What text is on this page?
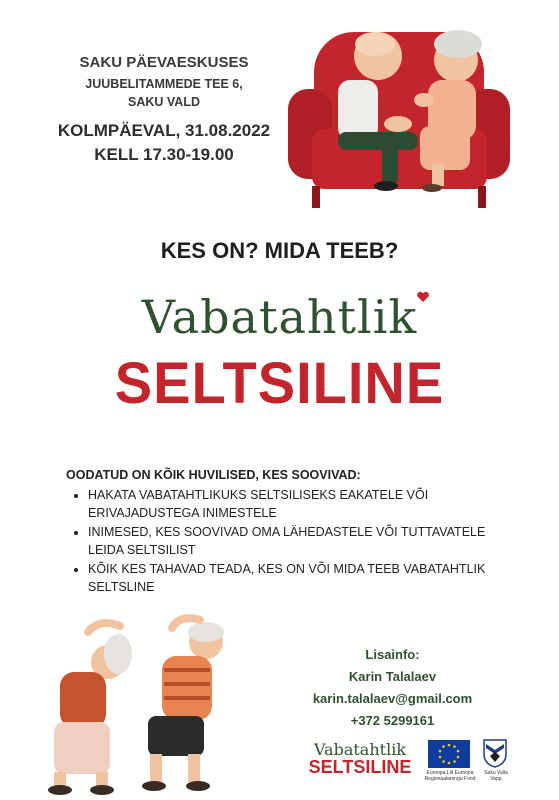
SAKU PÄEVAESKUSES
JUUBELITAMMEDE TEE 6,
SAKU VALD
KOLMPÄEVAL, 31.08.2022
KELL 17.30-19.00
KES ON? MIDA TEEB?
Vabatahtlik
SELTSILINE
OODATUD ON KÕIK HUVILISED, KES SOOVIVAD:
• HAKATA VABATAHTLIKUKS SELTSILISEKS EAKATELE VÕI ERIVAJADUSTEGA INIMESTELE
• INIMESED, KES SOOVIVAD OMA LÄHEDASTELE VÕI TUTTAVATELE LEIDA SELTSILIST
• KÕIK KES TAHAVAD TEADA, KES ON VÕI MIDA TEEB VABATAHTLIK SELTSLINE
Lisainfo:
Karin Talalaev
karin.talalaev@gmail.com
+372 5299161
Vabatahtlik
SELTSILINE	Euroopa Liit Euroopa Regionaalarengu Fond
Saku Valla Vapp
